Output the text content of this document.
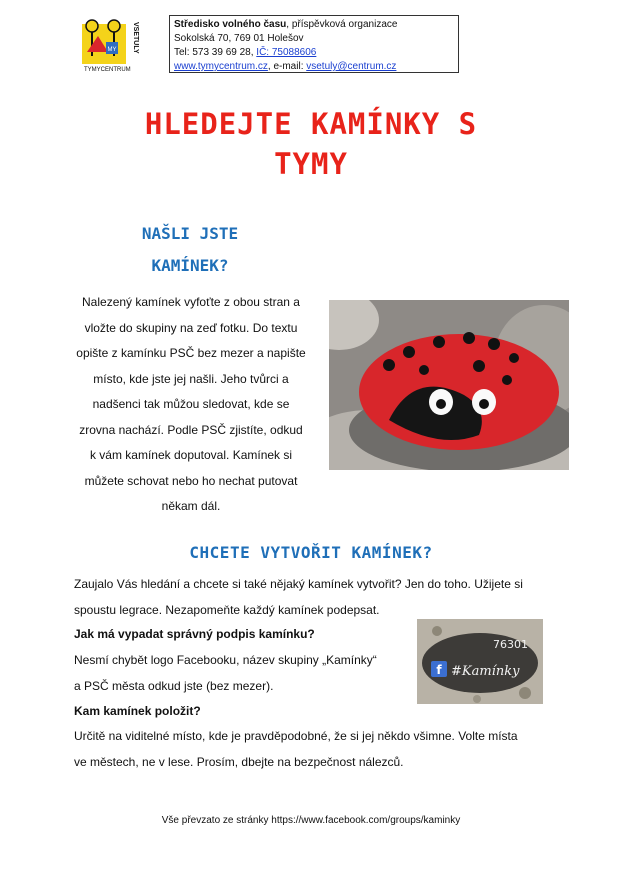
MY
TYMYCENTRUM
VSETULY	Středisko volného času, příspěvková organizace
Sokolská 70, 769 01 Holešov
Tel: 573 39 69 28, IČ: 75088606
www.tymycentrum.cz, e-mail: vsetuly@centrum.cz
HLEDEJTE KAMÍNKY S
TYMY
NAŠLI JSTE
KAMÍNEK?
Nalezený kamínek vyfoťte z obou stran a
vložte do skupiny na zeď fotku. Do textu
opište z kamínku PSČ bez mezer a napište
místo, kde jste jej našli. Jeho tvůrci a
nadšenci tak můžou sledovat, kde se
zrovna nachází. Podle PSČ zjistíte, odkud
k vám kamínek doputoval. Kamínek si
můžete schovat nebo ho nechat putovat
někam dál.
CHCETE VYTVOŘIT KAMÍNEK?
Zaujalo Vás hledání a chcete si také nějaký kamínek vytvořit? Jen do toho. Užijete si
spoustu legrace. Nezapomeňte každý kamínek podepsat.
Jak má vypadat správný podpis kamínku?
Nesmí chybět logo Facebooku, název skupiny „Kamínky“
a PSČ města odkud jste (bez mezer).
Kam kamínek položit?
Určitě na viditelné místo, kde je pravděpodobné, že si jej někdo všimne. Volte místa
ve městech, ne v lese. Prosím, dbejte na bezpečnost nálezců.
76301
f #Kamínky
Vše převzato ze stránky https://www.facebook.com/groups/kaminky
